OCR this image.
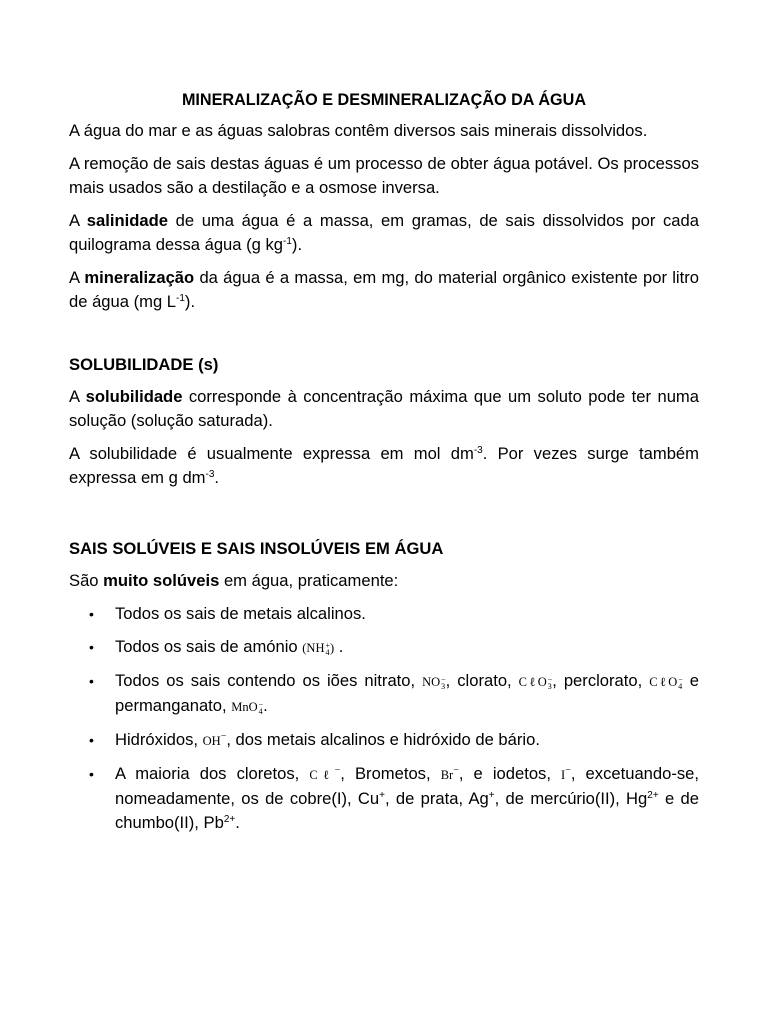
MINERALIZAÇÃO E DESMINERALIZAÇÃO DA ÁGUA

A água do mar e as águas salobras contêm diversos sais minerais dissolvidos.

A remoção de sais destas águas é um processo de obter água potável. Os processos mais usados são a destilação e a osmose inversa.

A salinidade de uma água é a massa, em gramas, de sais dissolvidos por cada quilograma dessa água (g $kg^{-1}$).

A mineralização da água é a massa, em mg, do material orgânico existente por litro de água (mg $L^{-1}$).

SOLUBILIDADE (s)

A solubilidade corresponde à concentração máxima que um soluto pode ter numa solução (solução saturada).

A solubilidade é usualmente expressa em mol $dm^{-3}$. Por vezes surge também expressa em g $dm^{-3}$.

SAIS SOLÚVEIS E SAIS INSOLÚVEIS EM ÁGUA

São muito solúveis em água, praticamente:

• Todos os sais de metais alcalinos.
• Todos os sais de amónio (NH +
4 ) .
• Todos os sais contendo os iões nitrato, NO −
3 , clorato, CℓO −
3 , perclorato, CℓO −
4 e permanganato, MnO −
4 .
• Hidróxidos, OH−, dos metais alcalinos e hidróxido de bário.
• A maioria dos cloretos, Cℓ−, Brometos, Br−, e iodetos, I−, excetuando-se, nomeadamente, os de cobre(I), Cu+, de prata, Ag+, de mercúrio(II), $Hg^{2+}$ e de chumbo(II), $Pb^{2+}$.
